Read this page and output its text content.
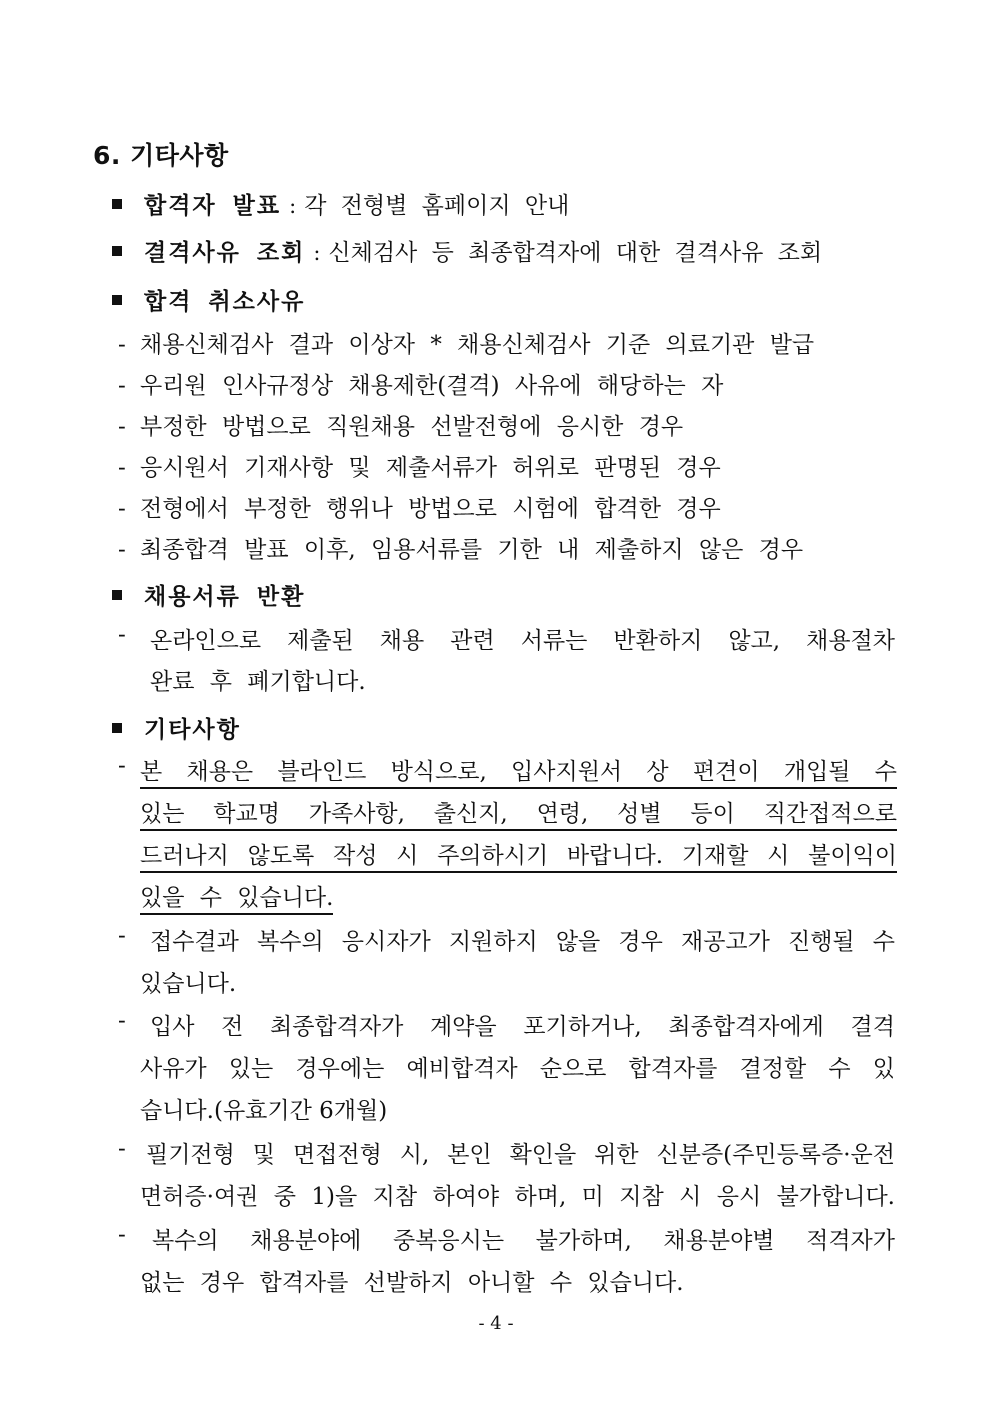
6. 기타사항
합격자 발표 : 각 전형별 홈페이지 안내
결격사유 조회 : 신체검사 등 최종합격자에 대한 결격사유 조회
합격 취소사유
- 채용신체검사 결과 이상자 * 채용신체검사 기준 의료기관 발급
- 우리원 인사규정상 채용제한(결격) 사유에 해당하는 자
- 부정한 방법으로 직원채용 선발전형에 응시한 경우
- 응시원서 기재사항 및 제출서류가 허위로 판명된 경우
- 전형에서 부정한 행위나 방법으로 시험에 합격한 경우
- 최종합격 발표 이후, 임용서류를 기한 내 제출하지 않은 경우
채용서류 반환
- 온라인으로 제출된 채용 관련 서류는 반환하지 않고, 채용절차
완료 후 폐기합니다.
기타사항
- 본 채용은 블라인드 방식으로, 입사지원서 상 편견이 개입될 수
있는 학교명 가족사항, 출신지, 연령, 성별 등이 직간접적으로
드러나지 않도록 작성 시 주의하시기 바랍니다. 기재할 시 불이익이
있을 수 있습니다.
- 접수결과 복수의 응시자가 지원하지 않을 경우 재공고가 진행될 수
있습니다.
- 입사 전 최종합격자가 계약을 포기하거나, 최종합격자에게 결격
사유가 있는 경우에는 예비합격자 순으로 합격자를 결정할 수 있
습니다.(유효기간 6개월)
- 필기전형 및 면접전형 시, 본인 확인을 위한 신분증(주민등록증·운전
면허증·여권 중 1)을 지참 하여야 하며, 미 지참 시 응시 불가합니다.
- 복수의 채용분야에 중복응시는 불가하며, 채용분야별 적격자가
없는 경우 합격자를 선발하지 아니할 수 있습니다.
- 4 -
